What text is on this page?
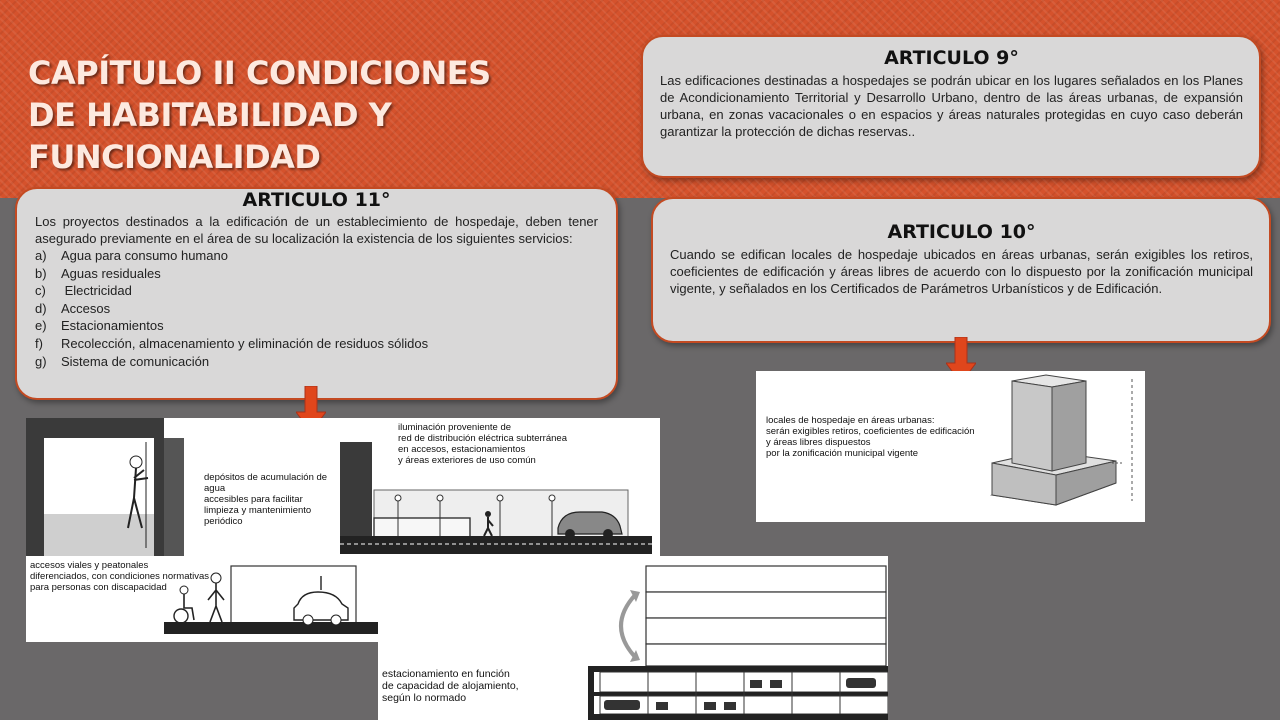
CAPÍTULO II CONDICIONES DE HABITABILIDAD Y FUNCIONALIDAD
ARTICULO 9°

Las edificaciones destinadas a hospedajes se podrán ubicar en los lugares señalados en los Planes de Acondicionamiento Territorial y Desarrollo Urbano, dentro de las áreas urbanas, de expansión urbana, en zonas vacacionales o en espacios y áreas naturales protegidas en cuyo caso deberán garantizar la protección de dichas reservas..

ARTICULO 10°

Cuando se edifican locales de hospedaje ubicados en áreas urbanas, serán exigibles los retiros, coeficientes de edificación y áreas libres de acuerdo con lo dispuesto por la zonificación municipal vigente, y señalados en los Certificados de Parámetros Urbanísticos y de Edificación.

ARTICULO 11°

Los proyectos destinados a la edificación de un establecimiento de hospedaje, deben tener asegurado previamente en el área de su localización la existencia de los siguientes servicios:

a) Agua para consumo humano
b) Aguas residuales
c) Electricidad
d) Accesos
e) Estacionamientos
f) Recolección, almacenamiento y eliminación de residuos sólidos
g) Sistema de comunicación

depósitos de acumulación de agua
accesibles para facilitar
limpieza y mantenimiento periódico

accesos viales y peatonales
diferenciados, con condiciones normativas
para personas con discapacidad

iluminación proveniente de
red de distribución eléctrica subterránea
en accesos, estacionamientos
y áreas exteriores de uso común

locales de hospedaje en áreas urbanas:
serán exigibles retiros, coeficientes de edificación
y áreas libres dispuestos
por la zonificación municipal vigente

estacionamiento en función
de capacidad de alojamiento,
según lo normado
